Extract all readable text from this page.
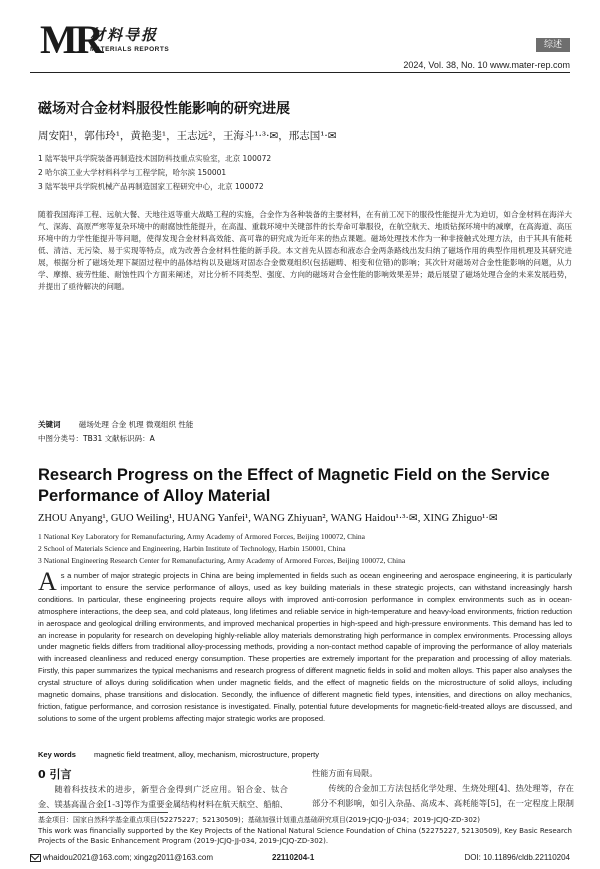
MR
材料导报
MATERIALS REPORTS	综述
2024, Vol. 38, No. 10 www.mater-rep.com
磁场对合金材料服役性能影响的研究进展
周安阳¹，郭伟玲¹，黄艳斐¹，王志远²，王海斗¹·³·✉，邢志国¹·✉
1 陆军装甲兵学院装备再制造技术国防科技重点实验室，北京 100072
2 哈尔滨工业大学材料科学与工程学院，哈尔滨 150001
3 陆军装甲兵学院机械产品再制造国家工程研究中心，北京 100072
随着我国海洋工程、远航大餐、天地往返等重大战略工程的实施，合金作为各种装备的主要材料，在有前工况下的服役性能提升尤为迫切，如合金材料在海洋大气、深海、高原严寒等复杂环境中的耐腐蚀性能提升，在高温、重载环境中关键部件的长寿命可靠服役，在航空航天、地质钻探环境中的减摩，在高海道、高压环境中的力学性能提升等问题，使得发现合金材料高效能、高可靠的研究成为近年来的热点课题。磁场处理技术作为一种非接触式处理方法，由于其具有能耗低、清洁、无污染、易于实现等特点，成为改善合金材料性能的新手段。本文首先从固态和液态合金两条路线出发归纳了磁场作用的典型作用机理及其研究进展，根据分析了磁场处理下凝固过程中的晶体结构以及磁场对固态合金微观组织(包括磁畴、相变和位错)的影响；其次针对磁场对合金性能影响的问题，从力学、摩擦、疲劳性能、耐蚀性四个方面来阐述，对比分析不同类型、强度、方向的磁场对合金性能的影响效果差异；最后展望了磁场处理合金的未来发展趋势，并提出了亟待解决的问题。
关键词 磁场处理 合金 机理 微观组织 性能
中图分类号：TB31 文献标识码：A
Research Progress on the Effect of Magnetic Field on the Service Performance of Alloy Material
ZHOU Anyang¹, GUO Weiling¹, HUANG Yanfei¹, WANG Zhiyuan², WANG Haidou¹·³·✉, XING Zhiguo¹·✉
1 National Key Laboratory for Remanufacturing, Army Academy of Armored Forces, Beijing 100072, China
2 School of Materials Science and Engineering, Harbin Institute of Technology, Harbin 150001, China
3 National Engineering Research Center for Remanufacturing, Army Academy of Armored Forces, Beijing 100072, China
A s a number of major strategic projects in China are being implemented in fields such as ocean engineering and aerospace engineering, it is particularly important to ensure the service performance of alloys, used as key building materials in these strategic projects, can withstand increasingly harsh conditions. In particular, these engineering projects require alloys with improved anti-corrosion performance in complex environments such as in ocean-atmosphere interactions, the deep sea, and cold plateaus, long lifetimes and reliable service in high-temperature and heavy-load environments, friction reduction in aerospace and geological drilling environments, and improved mechanical properties in high-speed and high-pressure environments. This demand has led to an increase in popularity for research on developing highly-reliable alloy materials demonstrating high performance in complex environments. Processing alloys under magnetic fields differs from traditional alloy-processing methods, providing a non-contact method capable of improving the performance of alloy materials with increased cleanliness and reduced energy consumption. These properties are extremely important for the preparation and processing of alloy materials. Firstly, this paper summarizes the typical mechanisms and research progress of different magnetic fields in solid and molten alloys. This paper also analyses the crystal structure of alloys during solidification when under magnetic fields, and the effect of magnetic fields on the microstructure of solid alloys, including magnetic domains, phase transitions and dislocation. Secondly, the influence of different magnetic field types, intensities, and directions on alloy mechanics, friction, fatigue performance, and corrosion resistance is investigated. Finally, potential future developments for magnetic-field-treated alloys are discussed, and solutions to some of the urgent problems affecting major strategic works are proposed.
Key words magnetic field treatment, alloy, mechanism, microstructure, property
0 引言
随着科技技术的进步，新型合金得到广泛应用。铝合金、钛合金、镁基高温合金[1-3]等作为重要金属结构材料在航天航空、船舶、
性能方面有局限。
传统的合金加工方法包括化学处理、生烧处理[4]、热处理等，存在部分不利影响，如引入杂晶、高成本、高耗能等[5]，在一定程度上限制
基金项目：国家自然科学基金重点项目(52275227；52130509)；基础加强计划重点基础研究项目(2019-JCJQ-JJ-034；2019-JCJQ-ZD-302)
This work was financially supported by the Key Projects of the National Natural Science Foundation of China (52275227, 52130509), Key Basic Research Projects of the Basic Enhancement Program (2019-JCJQ-JJ-034, 2019-JCJQ-ZD-302).
whaidou2021@163.com; xingzg2011@163.com	22110204-1	DOI: 10.11896/cldb.22110204
